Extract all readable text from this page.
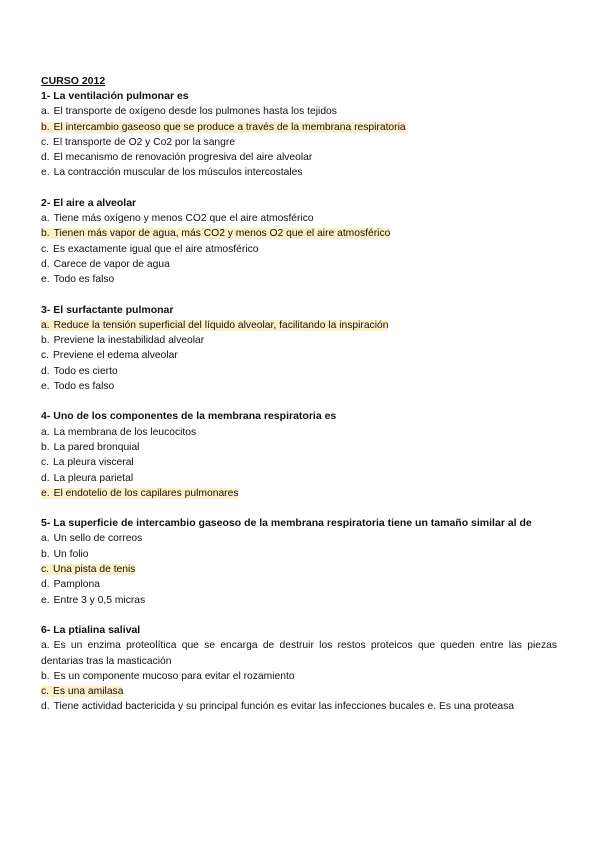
CURSO 2012

1- La ventilación pulmonar es

a. El transporte de oxígeno desde los pulmones hasta los tejidos

b. El intercambio gaseoso que se produce a través de la membrana respiratoria

c. El transporte de O2 y Co2 por la sangre

d. El mecanismo de renovación progresiva del aire alveolar

e. La contracción muscular de los músculos intercostales

2- El aire a alveolar

a. Tiene más oxígeno y menos CO2 que el aire atmosférico

b. Tienen más vapor de agua, más CO2 y menos O2 que el aire atmosférico

c. Es exactamente igual que el aire atmosférico

d. Carece de vapor de agua

e. Todo es falso

3- El surfactante pulmonar

a. Reduce la tensión superficial del líquido alveolar, facilitando la inspiración

b. Previene la inestabilidad alveolar

c. Previene el edema alveolar

d. Todo es cierto

e. Todo es falso

4- Uno de los componentes de la membrana respiratoria es

a. La membrana de los leucocitos

b. La pared bronquial

c. La pleura visceral

d. La pleura parietal

e. El endotelio de los capilares pulmonares

5- La superficie de intercambio gaseoso de la membrana respiratoria tiene un tamaño similar al de

a. Un sello de correos

b. Un folio

c. Una pista de tenis

d. Pamplona

e. Entre 3 y 0,5 micras

6- La ptialina salival

a. Es un enzima proteolítica que se encarga de destruir los restos proteicos que queden entre las piezas dentarias tras la masticación

b. Es un componente mucoso para evitar el rozamiento

c. Es una amilasa

d. Tiene actividad bactericida y su principal función es evitar las infecciones bucales e. Es una proteasa
